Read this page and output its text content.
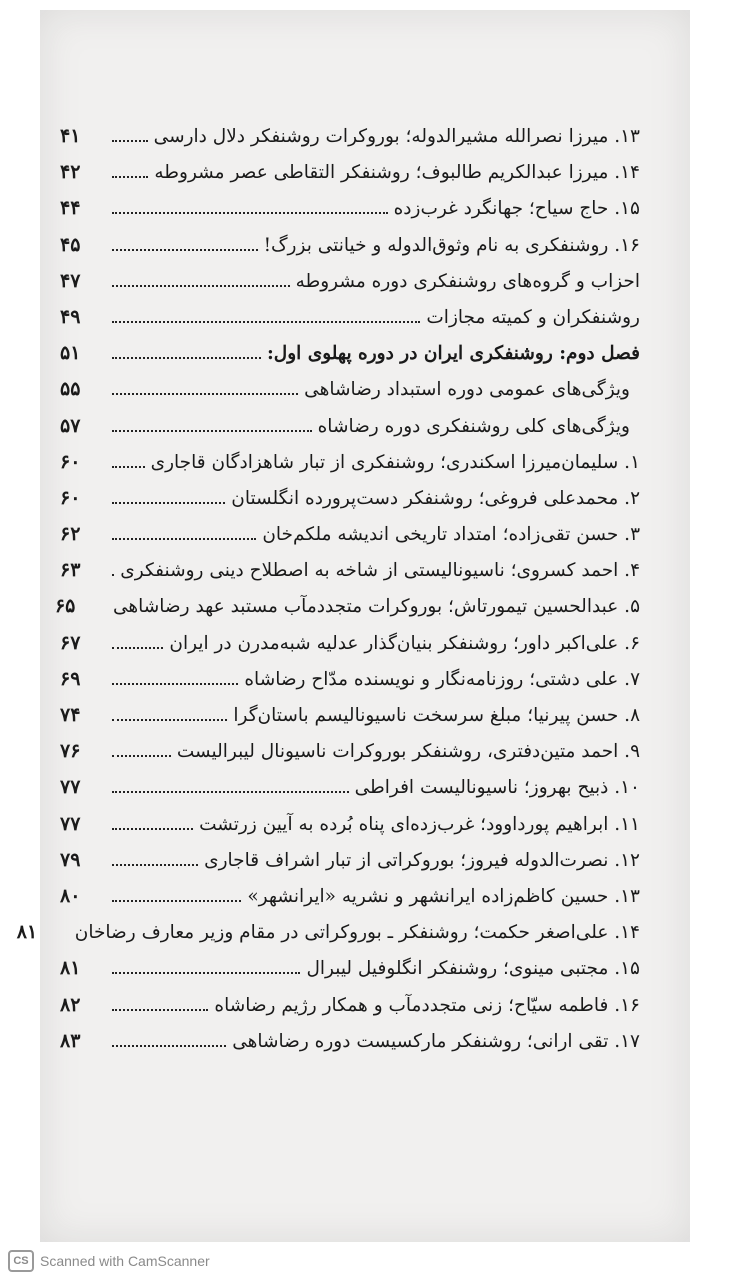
۱۳. میرزا نصرالله مشیرالدوله؛ بوروکرات روشنفکر دلال دارسی
۴۱
۱۴. میرزا عبدالکریم طالبوف؛ روشنفکر التقاطی عصر مشروطه
۴۲
۱۵. حاج سیاح؛ جهانگرد غرب‌زده
۴۴
۱۶. روشنفکری به نام وثوق‌الدوله و خیانتی بزرگ!
۴۵
احزاب و گروه‌های روشنفکری دوره مشروطه
۴۷
روشنفکران و کمیته مجازات
۴۹
فصل دوم: روشنفکری ایران در دوره پهلوی اول:
۵۱
ویژگی‌های عمومی دوره استبداد رضاشاهی
۵۵
ویژگی‌های کلی روشنفکری دوره رضاشاه
۵۷
۱. سلیمان‌میرزا اسکندری؛ روشنفکری از تبار شاهزادگان قاجاری
۶۰
۲. محمدعلی فروغی؛ روشنفکر دست‌پرورده انگلستان
۶۰
۳. حسن تقی‌زاده؛ امتداد تاریخی اندیشه ملکم‌خان
۶۲
۴. احمد کسروی؛ ناسیونالیستی از شاخه به اصطلاح دینی روشنفکری
۶۳
۵. عبدالحسین تیمورتاش؛ بوروکرات متجددمآب مستبد عهد رضاشاهی
۶۵
۶. علی‌اکبر داور؛ روشنفکر بنیان‌گذار عدلیه شبه‌مدرن در ایران
۶۷
۷. علی دشتی؛ روزنامه‌نگار و نویسنده مدّاح رضاشاه
۶۹
۸. حسن پیرنیا؛ مبلغ سرسخت ناسیونالیسم باستان‌گرا
۷۴
۹. احمد متین‌دفتری، روشنفکر بوروکرات ناسیونال لیبرالیست
۷۶
۱۰. ذبیح بهروز؛ ناسیونالیست افراطی
۷۷
۱۱. ابراهیم پورداوود؛ غرب‌زده‌ای پناه بُرده به آیین زرتشت
۷۷
۱۲. نصرت‌الدوله فیروز؛ بوروکراتی از تبار اشراف قاجاری
۷۹
۱۳. حسین کاظم‌زاده ایرانشهر و نشریه «ایرانشهر»
۸۰
۱۴. علی‌اصغر حکمت؛ روشنفکر ـ بوروکراتی در مقام وزیر معارف رضاخان
۸۱
۱۵. مجتبی مینوی؛ روشنفکر انگلوفیل لیبرال
۸۱
۱۶. فاطمه سیّاح؛ زنی متجددمآب و همکار رژیم رضاشاه
۸۲
۱۷. تقی ارانی؛ روشنفکر مارکسیست دوره رضاشاهی
۸۳
CS Scanned with CamScanner
